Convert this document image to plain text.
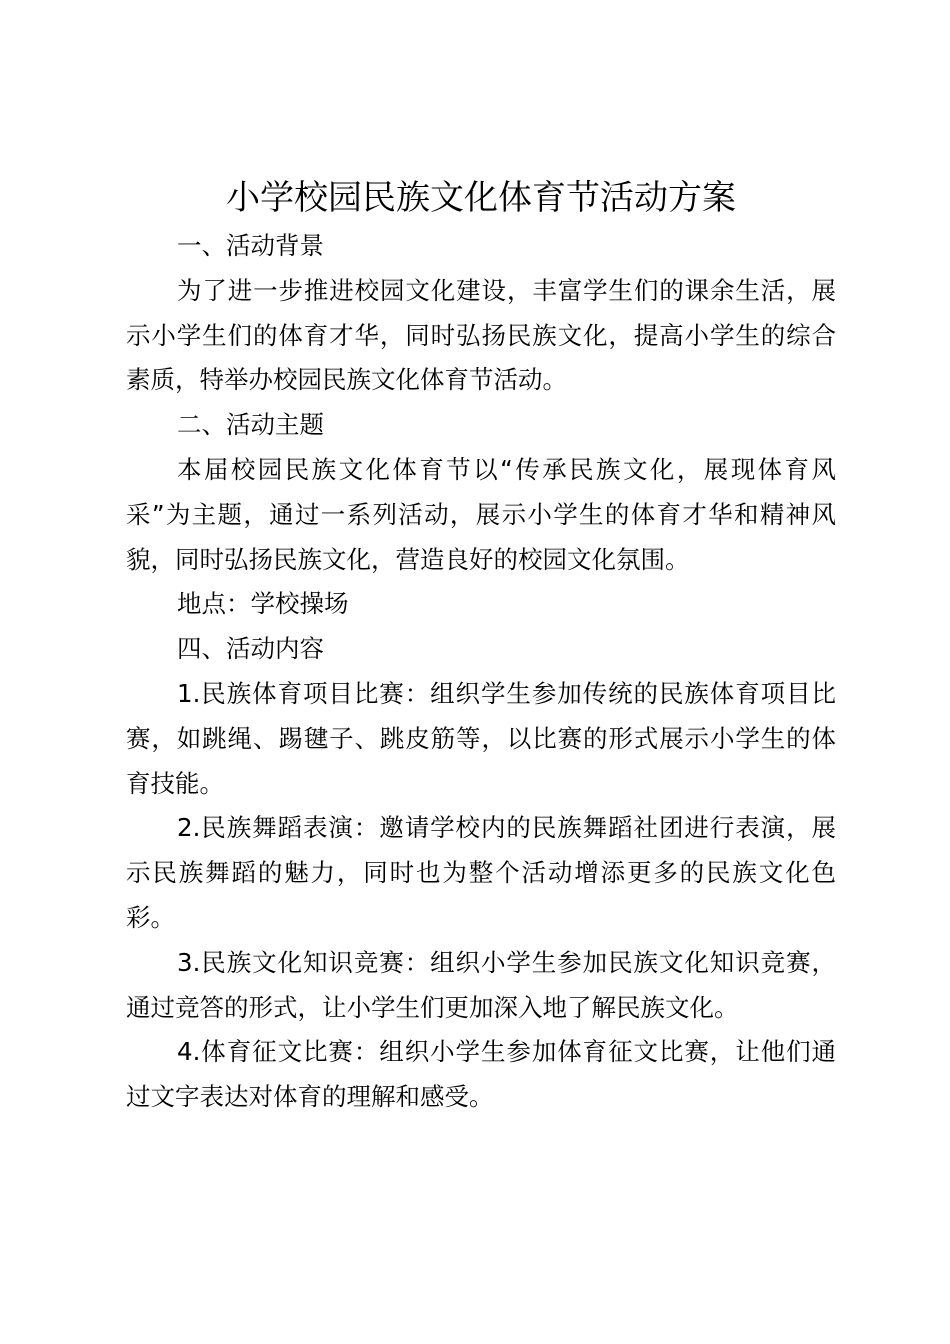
小学校园民族文化体育节活动方案

一、活动背景

为了进一步推进校园文化建设，丰富学生们的课余生活，展示小学生们的体育才华，同时弘扬民族文化，提高小学生的综合素质，特举办校园民族文化体育节活动。

二、活动主题

本届校园民族文化体育节以“传承民族文化，展现体育风采”为主题，通过一系列活动，展示小学生的体育才华和精神风貌，同时弘扬民族文化，营造良好的校园文化氛围。

地点：学校操场

四、活动内容

1.民族体育项目比赛：组织学生参加传统的民族体育项目比赛，如跳绳、踢毽子、跳皮筋等，以比赛的形式展示小学生的体育技能。

2.民族舞蹈表演：邀请学校内的民族舞蹈社团进行表演，展示民族舞蹈的魅力，同时也为整个活动增添更多的民族文化色彩。

3.民族文化知识竞赛：组织小学生参加民族文化知识竞赛，通过竞答的形式，让小学生们更加深入地了解民族文化。

4.体育征文比赛：组织小学生参加体育征文比赛，让他们通过文字表达对体育的理解和感受。
